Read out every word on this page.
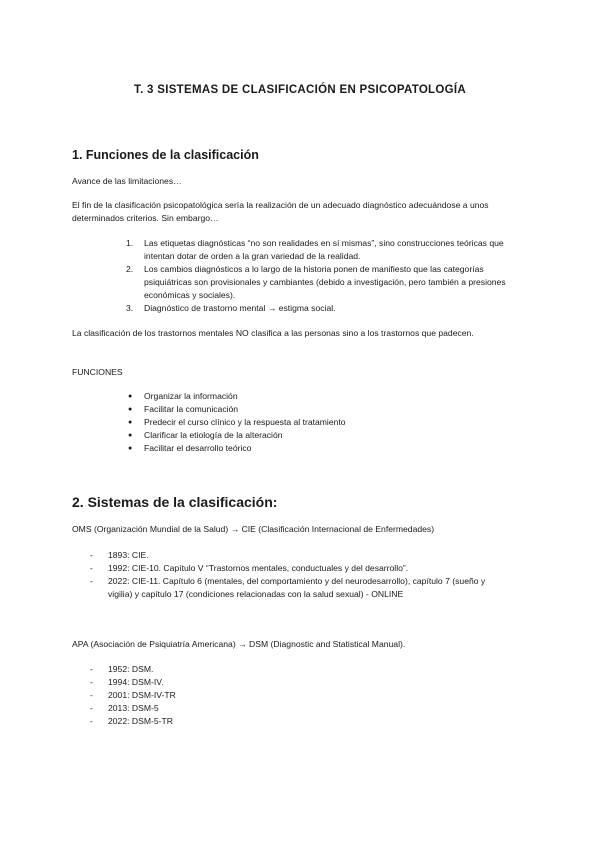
T. 3 SISTEMAS DE CLASIFICACIÓN EN PSICOPATOLOGÍA
1. Funciones de la clasificación
Avance de las limitaciones…
El fin de la clasificación psicopatológica sería la realización de un adecuado diagnóstico adecuándose a unos determinados criterios. Sin embargo…
1. Las etiquetas diagnósticas “no son realidades en sí mismas”, sino construcciones teóricas que intentan dotar de orden a la gran variedad de la realidad.
2. Los cambios diagnósticos a lo largo de la historia ponen de manifiesto que las categorías psiquiátricas son provisionales y cambiantes (debido a investigación, pero también a presiones económicas y sociales).
3. Diagnóstico de trastorno mental → estigma social.
La clasificación de los trastornos mentales NO clasifica a las personas sino a los trastornos que padecen.
FUNCIONES
● Organizar la información
● Facilitar la comunicación
● Predecir el curso clínico y la respuesta al tratamiento
● Clarificar la etiología de la alteración
● Facilitar el desarrollo teórico
2. Sistemas de la clasificación:
OMS (Organización Mundial de la Salud) → CIE (Clasificación Internacional de Enfermedades)
- 1893: CIE.
- 1992: CIE-10. Capítulo V “Trastornos mentales, conductuales y del desarrollo”.
- 2022: CIE-11. Capítulo 6 (mentales, del comportamiento y del neurodesarrollo), capítulo 7 (sueño y vigilia) y capítulo 17 (condiciones relacionadas con la salud sexual) - ONLINE
APA (Asociación de Psiquiatría Americana) → DSM (Diagnostic and Statistical Manual).
- 1952: DSM.
- 1994: DSM-IV.
- 2001: DSM-IV-TR
- 2013: DSM-5
- 2022: DSM-5-TR
